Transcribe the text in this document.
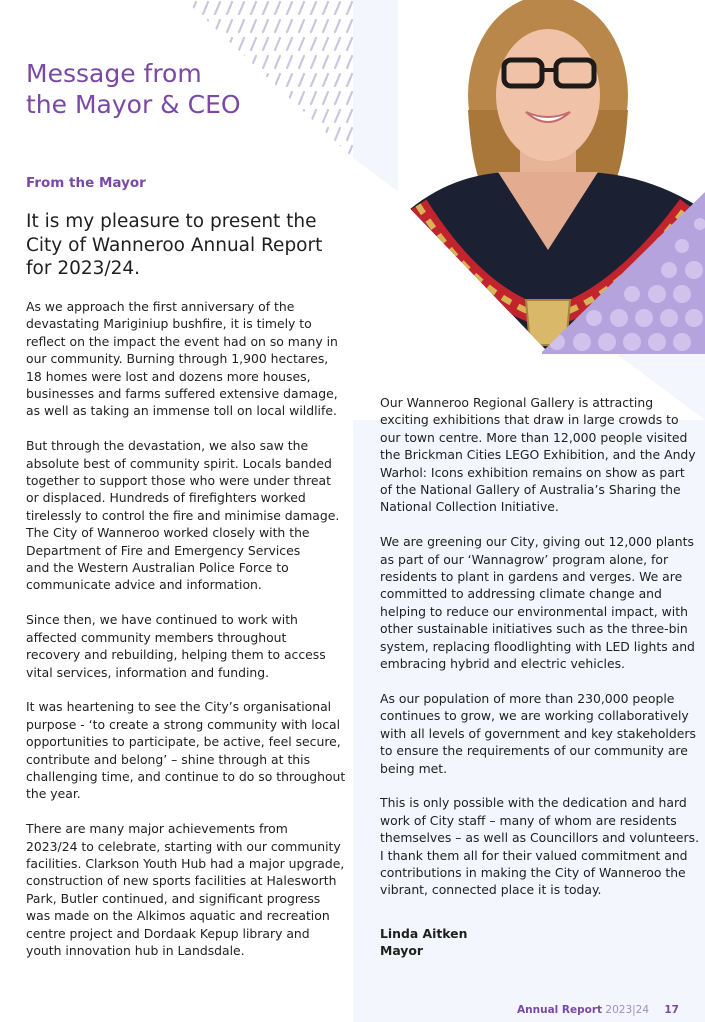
Message from
the Mayor & CEO
From the Mayor
It is my pleasure to present the
City of Wanneroo Annual Report
for 2023/24.

As we approach the first anniversary of the
devastating Mariginiup bushfire, it is timely to
reflect on the impact the event had on so many in
our community. Burning through 1,900 hectares,
18 homes were lost and dozens more houses,
businesses and farms suffered extensive damage,
as well as taking an immense toll on local wildlife.

But through the devastation, we also saw the
absolute best of community spirit. Locals banded
together to support those who were under threat
or displaced. Hundreds of firefighters worked
tirelessly to control the fire and minimise damage.
The City of Wanneroo worked closely with the
Department of Fire and Emergency Services
and the Western Australian Police Force to
communicate advice and information.

Since then, we have continued to work with
affected community members throughout
recovery and rebuilding, helping them to access
vital services, information and funding.

It was heartening to see the City’s organisational
purpose - ‘to create a strong community with local
opportunities to participate, be active, feel secure,
contribute and belong’ – shine through at this
challenging time, and continue to do so throughout
the year.

There are many major achievements from
2023/24 to celebrate, starting with our community
facilities. Clarkson Youth Hub had a major upgrade,
construction of new sports facilities at Halesworth
Park, Butler continued, and significant progress
was made on the Alkimos aquatic and recreation
centre project and Dordaak Kepup library and
youth innovation hub in Landsdale.

Our Wanneroo Regional Gallery is attracting
exciting exhibitions that draw in large crowds to
our town centre. More than 12,000 people visited
the Brickman Cities LEGO Exhibition, and the Andy
Warhol: Icons exhibition remains on show as part
of the National Gallery of Australia’s Sharing the
National Collection Initiative.

We are greening our City, giving out 12,000 plants
as part of our ‘Wannagrow’ program alone, for
residents to plant in gardens and verges. We are
committed to addressing climate change and
helping to reduce our environmental impact, with
other sustainable initiatives such as the three-bin
system, replacing floodlighting with LED lights and
embracing hybrid and electric vehicles.

As our population of more than 230,000 people
continues to grow, we are working collaboratively
with all levels of government and key stakeholders
to ensure the requirements of our community are
being met.

This is only possible with the dedication and hard
work of City staff – many of whom are residents
themselves – as well as Councillors and volunteers.
I thank them all for their valued commitment and
contributions in making the City of Wanneroo the
vibrant, connected place it is today.

Linda Aitken
Mayor
Annual Report 2023|24 17
